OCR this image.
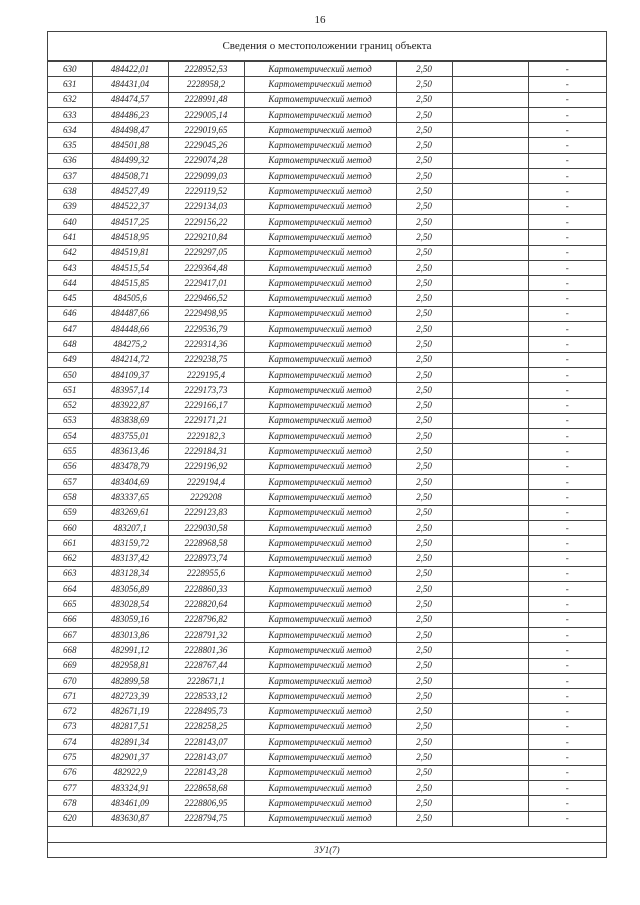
16
Сведения о местоположении границ объекта
630	484422,01	2228952,53	Картометрический метод	2,50		-
631	484431,04	2228958,2	Картометрический метод	2,50		-
632	484474,57	2228991,48	Картометрический метод	2,50		-
633	484486,23	2229005,14	Картометрический метод	2,50		-
634	484498,47	2229019,65	Картометрический метод	2,50		-
635	484501,88	2229045,26	Картометрический метод	2,50		-
636	484499,32	2229074,28	Картометрический метод	2,50		-
637	484508,71	2229099,03	Картометрический метод	2,50		-
638	484527,49	2229119,52	Картометрический метод	2,50		-
639	484522,37	2229134,03	Картометрический метод	2,50		-
640	484517,25	2229156,22	Картометрический метод	2,50		-
641	484518,95	2229210,84	Картометрический метод	2,50		-
642	484519,81	2229297,05	Картометрический метод	2,50		-
643	484515,54	2229364,48	Картометрический метод	2,50		-
644	484515,85	2229417,01	Картометрический метод	2,50		-
645	484505,6	2229466,52	Картометрический метод	2,50		-
646	484487,66	2229498,95	Картометрический метод	2,50		-
647	484448,66	2229536,79	Картометрический метод	2,50		-
648	484275,2	2229314,36	Картометрический метод	2,50		-
649	484214,72	2229238,75	Картометрический метод	2,50		-
650	484109,37	2229195,4	Картометрический метод	2,50		-
651	483957,14	2229173,73	Картометрический метод	2,50		-
652	483922,87	2229166,17	Картометрический метод	2,50		-
653	483838,69	2229171,21	Картометрический метод	2,50		-
654	483755,01	2229182,3	Картометрический метод	2,50		-
655	483613,46	2229184,31	Картометрический метод	2,50		-
656	483478,79	2229196,92	Картометрический метод	2,50		-
657	483404,69	2229194,4	Картометрический метод	2,50		-
658	483337,65	2229208	Картометрический метод	2,50		-
659	483269,61	2229123,83	Картометрический метод	2,50		-
660	483207,1	2229030,58	Картометрический метод	2,50		-
661	483159,72	2228968,58	Картометрический метод	2,50		-
662	483137,42	2228973,74	Картометрический метод	2,50		-
663	483128,34	2228955,6	Картометрический метод	2,50		-
664	483056,89	2228860,33	Картометрический метод	2,50		-
665	483028,54	2228820,64	Картометрический метод	2,50		-
666	483059,16	2228796,82	Картометрический метод	2,50		-
667	483013,86	2228791,32	Картометрический метод	2,50		-
668	482991,12	2228801,36	Картометрический метод	2,50		-
669	482958,81	2228767,44	Картометрический метод	2,50		-
670	482899,58	2228671,1	Картометрический метод	2,50		-
671	482723,39	2228533,12	Картометрический метод	2,50		-
672	482671,19	2228495,73	Картометрический метод	2,50		-
673	482817,51	2228258,25	Картометрический метод	2,50		-
674	482891,34	2228143,07	Картометрический метод	2,50		-
675	482901,37	2228143,07	Картометрический метод	2,50		-
676	482922,9	2228143,28	Картометрический метод	2,50		-
677	483324,91	2228658,68	Картометрический метод	2,50		-
678	483461,09	2228806,95	Картометрический метод	2,50		-
620	483630,87	2228794,75	Картометрический метод	2,50		-
ЗУ1(7)
